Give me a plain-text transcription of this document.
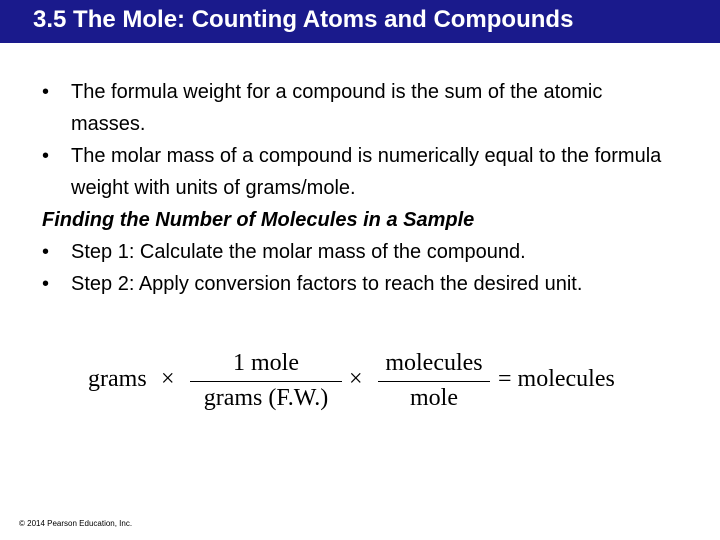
3.5 The Mole: Counting Atoms and Compounds
• The formula weight for a compound is the sum of the atomic masses.
• The molar mass of a compound is numerically equal to the formula weight with units of grams/mole.
Finding the Number of Molecules in a Sample
• Step 1: Calculate the molar mass of the compound.
• Step 2: Apply conversion factors to reach the desired unit.
grams ×
1 mole
grams (F.W.)
×
molecules
mole
= molecules
© 2014 Pearson Education, Inc.
